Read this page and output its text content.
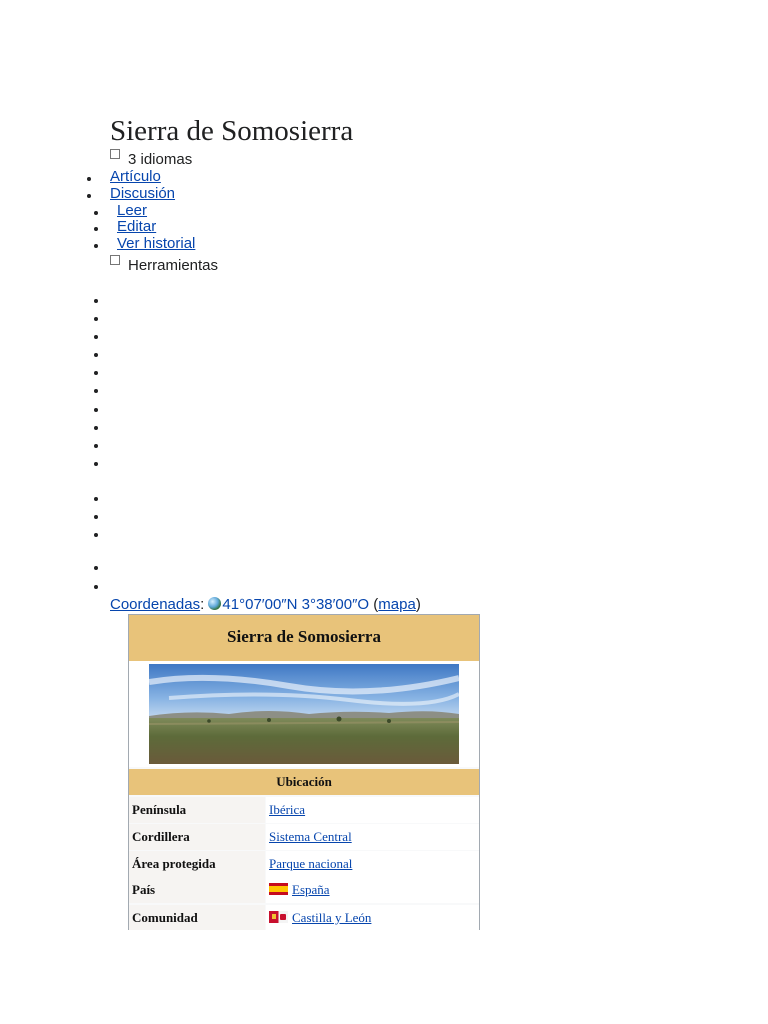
Sierra de Somosierra
3 idiomas
Artículo
Discusión
Leer
Editar
Ver historial
Herramientas
Coordenadas: 41°07′00″N 3°38′00″O (mapa)
Sierra de Somosierra
Ubicación
Península	Ibérica
Cordillera	Sistema Central
Área protegida	Parque nacional
País	España
Comunidad	Castilla y León
